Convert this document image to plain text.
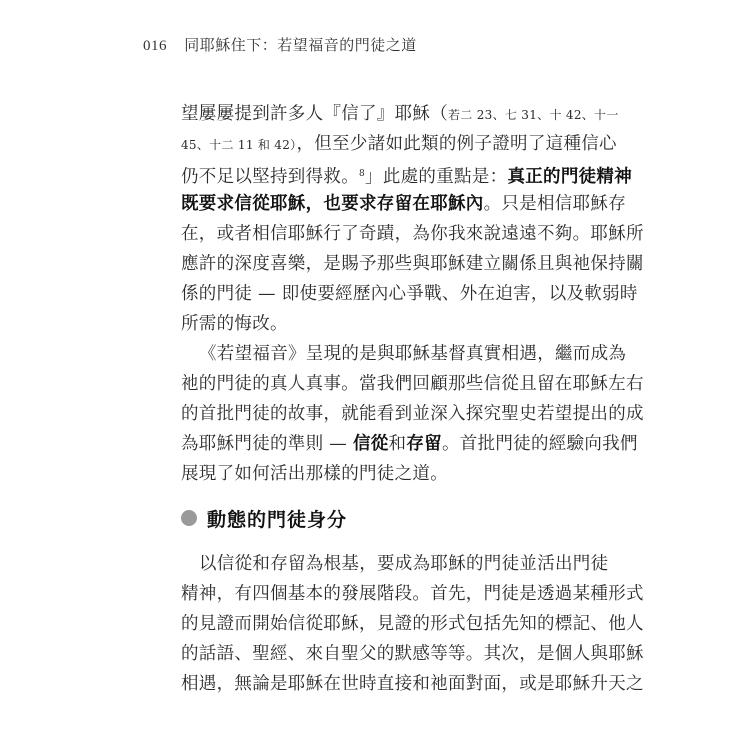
016 同耶穌住下：若望福音的門徒之道
望屢屢提到許多人『信了』耶穌（若二 23、七 31、十 42、十一
45、十二 11 和 42），但至少諸如此類的例子證明了這種信心
仍不足以堅持到得救。$^8$」此處的重點是：真正的門徒精神
既要求信從耶穌，也要求存留在耶穌內。只是相信耶穌存
在，或者相信耶穌行了奇蹟，為你我來說遠遠不夠。耶穌所
應許的深度喜樂，是賜予那些與耶穌建立關係且與祂保持關
係的門徒 — 即使要經歷內心爭戰、外在迫害，以及軟弱時
所需的悔改。
《若望福音》呈現的是與耶穌基督真實相遇，繼而成為
祂的門徒的真人真事。當我們回顧那些信從且留在耶穌左右
的首批門徒的故事，就能看到並深入探究聖史若望提出的成
為耶穌門徒的準則 — 信從和存留。首批門徒的經驗向我們
展現了如何活出那樣的門徒之道。
動態的門徒身分
以信從和存留為根基，要成為耶穌的門徒並活出門徒
精神，有四個基本的發展階段。首先，門徒是透過某種形式
的見證而開始信從耶穌，見證的形式包括先知的標記、他人
的話語、聖經、來自聖父的默感等等。其次，是個人與耶穌
相遇，無論是耶穌在世時直接和祂面對面，或是耶穌升天之
